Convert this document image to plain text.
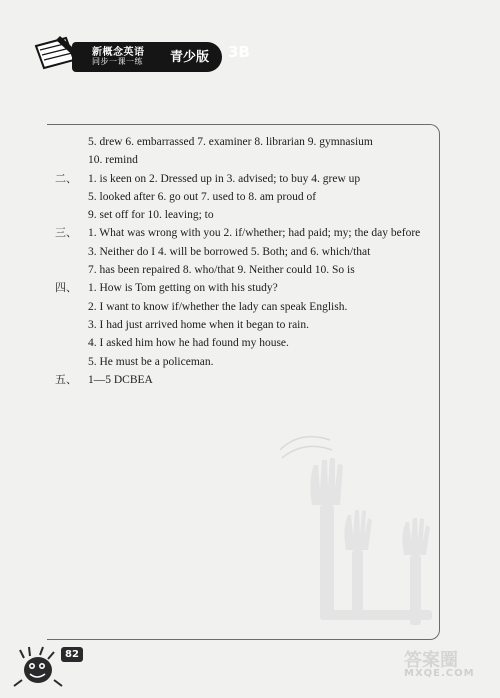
新概念英语
同步一课一练 青少版 3B
5. drew 6. embarrassed 7. examiner 8. librarian 9. gymnasium
10. remind
二、 1. is keen on 2. Dressed up in 3. advised; to buy 4. grew up
5. looked after 6. go out 7. used to 8. am proud of
9. set off for 10. leaving; to
三、 1. What was wrong with you 2. if/whether; had paid; my; the day before
3. Neither do I 4. will be borrowed 5. Both; and 6. which/that
7. has been repaired 8. who/that 9. Neither could 10. So is
四、 1. How is Tom getting on with his study?
2. I want to know if/whether the lady can speak English.
3. I had just arrived home when it began to rain.
4. I asked him how he had found my house.
5. He must be a policeman.
五、 1—5 DCBEA
82	答案圈
MXQE.COM
